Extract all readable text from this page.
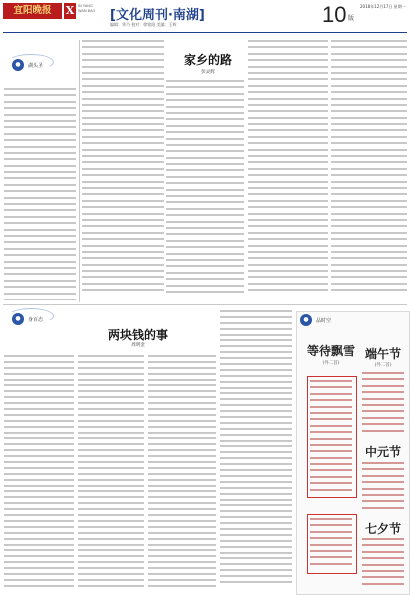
宜阳晚报	X	IN YANG WAN BAO [文化周刊·南湖]
编辑：华乃 校对：徐铭阳 美编：王辉	10 版
2018年12月17日 星期一
●	湖头圣	家乡的路
彭灵辉
●	身百态
两块钱的事
周明金
●	品时空
等待飘雪
(外二首)
端午节
(外二首)
中元节
七夕节
